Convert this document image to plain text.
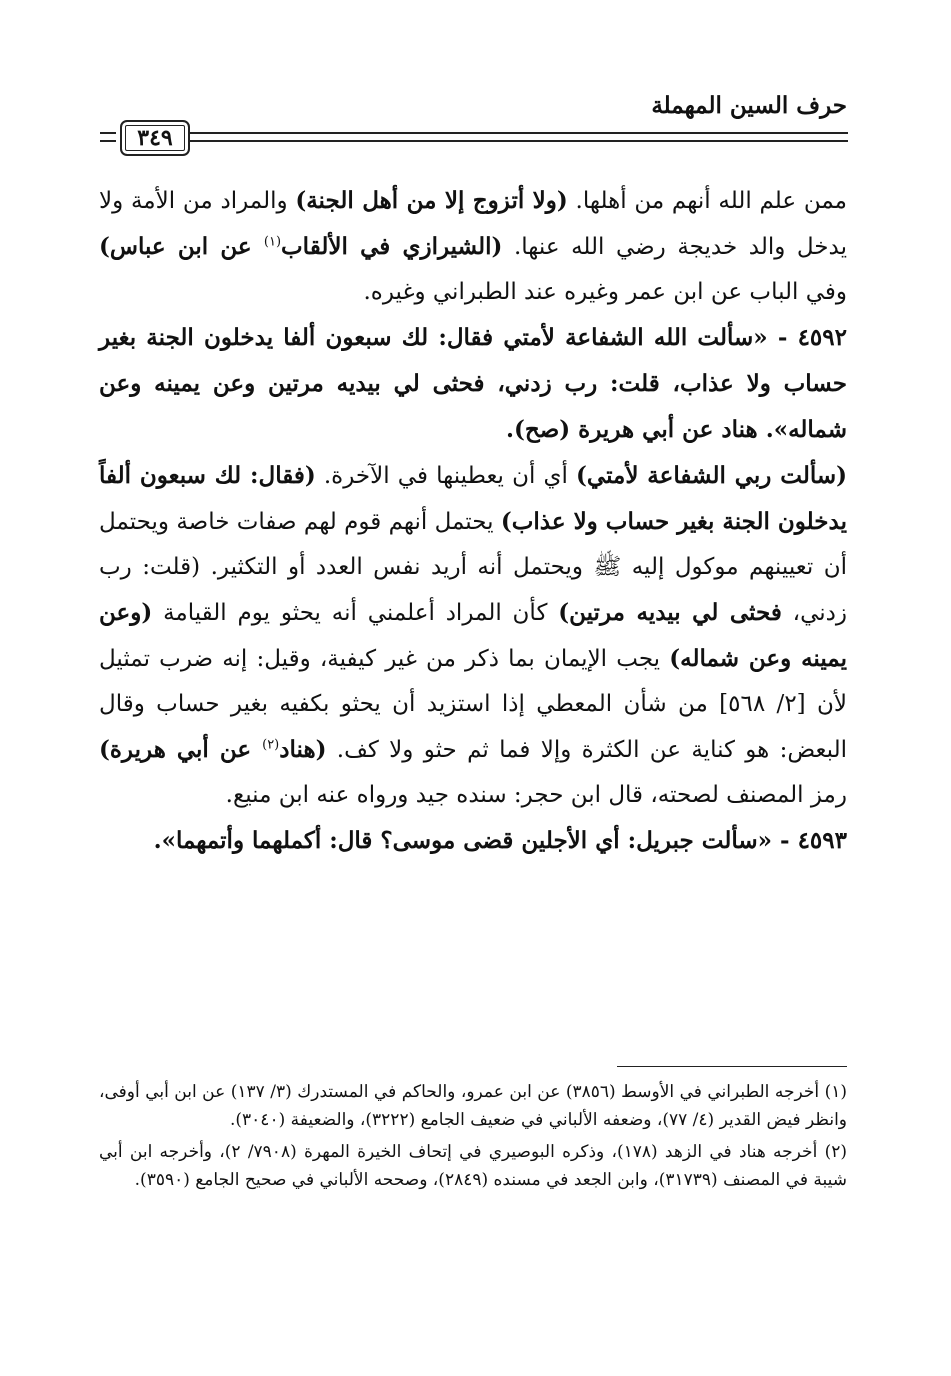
حرف السين المهملة
٣٤٩

ممن علم الله أنهم من أهلها. (ولا أتزوج إلا من أهل الجنة) والمراد من الأمة ولا يدخل والد خديجة رضي الله عنها. (الشيرازي في الألقاب$^{(١)}$ عن ابن عباس) وفي الباب عن ابن عمر وغيره عند الطبراني وغيره.

٤٥٩٢ - «سألت الله الشفاعة لأمتي فقال: لك سبعون ألفا يدخلون الجنة بغير حساب ولا عذاب، قلت: رب زدني، فحثى لي بيديه مرتين وعن يمينه وعن شماله». هناد عن أبي هريرة (صح).

(سألت ربي الشفاعة لأمتي) أي أن يعطينها في الآخرة. (فقال: لك سبعون ألفاً يدخلون الجنة بغير حساب ولا عذاب) يحتمل أنهم قوم لهم صفات خاصة ويحتمل أن تعيينهم موكول إليه ﷺ ويحتمل أنه أريد نفس العدد أو التكثير. (قلت: رب زدني، فحثى لي بيديه مرتين) كأن المراد أعلمني أنه يحثو يوم القيامة (وعن يمينه وعن شماله) يجب الإيمان بما ذكر من غير كيفية، وقيل: إنه ضرب تمثيل لأن [٢/ ٥٦٨] من شأن المعطي إذا استزيد أن يحثو بكفيه بغير حساب وقال البعض: هو كناية عن الكثرة وإلا فما ثم حثو ولا كف. (هناد$^{(٢)}$ عن أبي هريرة) رمز المصنف لصحته، قال ابن حجر: سنده جيد ورواه عنه ابن منيع.

٤٥٩٣ - «سألت جبريل: أي الأجلين قضى موسى؟ قال: أكملهما وأتمهما».

(١) أخرجه الطبراني في الأوسط (٣٨٥٦) عن ابن عمرو، والحاكم في المستدرك (٣/ ١٣٧) عن ابن أبي أوفى، وانظر فيض القدير (٤/ ٧٧)، وضعفه الألباني في ضعيف الجامع (٣٢٢٢)، والضعيفة (٣٠٤٠).

(٢) أخرجه هناد في الزهد (١٧٨)، وذكره البوصيري في إتحاف الخيرة المهرة (٧٩٠٨/ ٢)، وأخرجه ابن أبي شيبة في المصنف (٣١٧٣٩)، وابن الجعد في مسنده (٢٨٤٩)، وصححه الألباني في صحيح الجامع (٣٥٩٠).
